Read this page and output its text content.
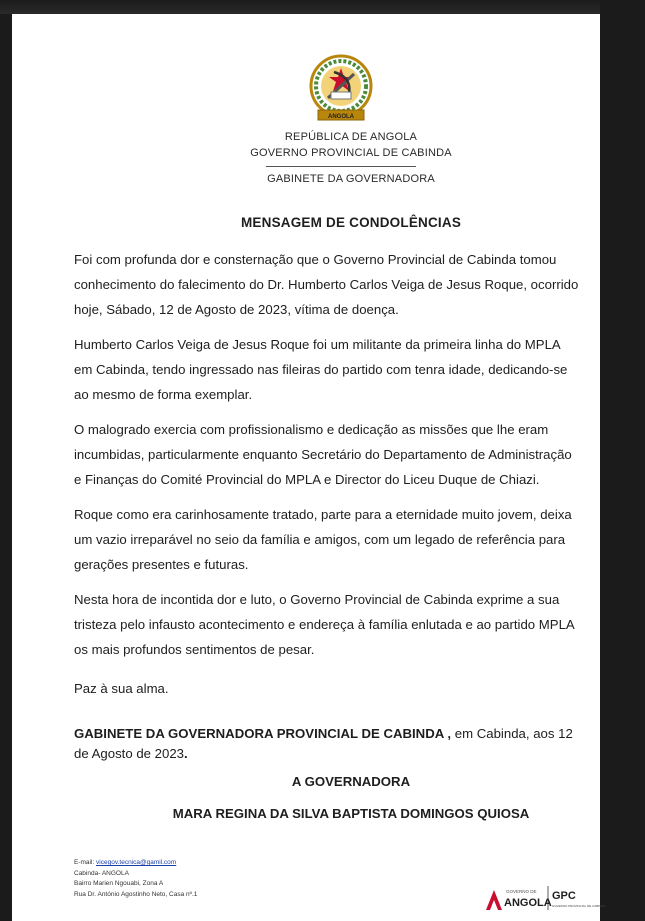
ANGOLA
REPÚBLICA DE ANGOLA
GOVERNO PROVINCIAL DE CABINDA
GABINETE DA GOVERNADORA
MENSAGEM DE CONDOLÊNCIAS
Foi com profunda dor e consternação que o Governo Provincial de Cabinda tomou
conhecimento do falecimento do Dr. Humberto Carlos Veiga de Jesus Roque, ocorrido
hoje, Sábado, 12 de Agosto de 2023, vítima de doença.
Humberto Carlos Veiga de Jesus Roque foi um militante da primeira linha do MPLA
em Cabinda, tendo ingressado nas fileiras do partido com tenra idade, dedicando-se
ao mesmo de forma exemplar.
O malogrado exercia com profissionalismo e dedicação as missões que lhe eram
incumbidas, particularmente enquanto Secretário do Departamento de Administração
e Finanças do Comité Provincial do MPLA e Director do Liceu Duque de Chiazi.
Roque como era carinhosamente tratado, parte para a eternidade muito jovem, deixa
um vazio irreparável no seio da família e amigos, com um legado de referência para
gerações presentes e futuras.
Nesta hora de incontida dor e luto, o Governo Provincial de Cabinda exprime a sua
tristeza pelo infausto acontecimento e endereça à família enlutada e ao partido MPLA
os mais profundos sentimentos de pesar.
Paz à sua alma.
GABINETE DA GOVERNADORA PROVINCIAL DE CABINDA , em Cabinda, aos 12
de Agosto de 2023.
A GOVERNADORA
MARA REGINA DA SILVA BAPTISTA DOMINGOS QUIOSA
E-mail: vicegov.tecnica@gamil.com
Cabinda- ANGOLA
Bairro Marien Ngouabi, Zona A
Rua Dr. António Agostinho Neto, Casa nº.1	GOVERNO DE
ANGOLA
GPC
GOVERNO PROVINCIAL DE CABINDA
